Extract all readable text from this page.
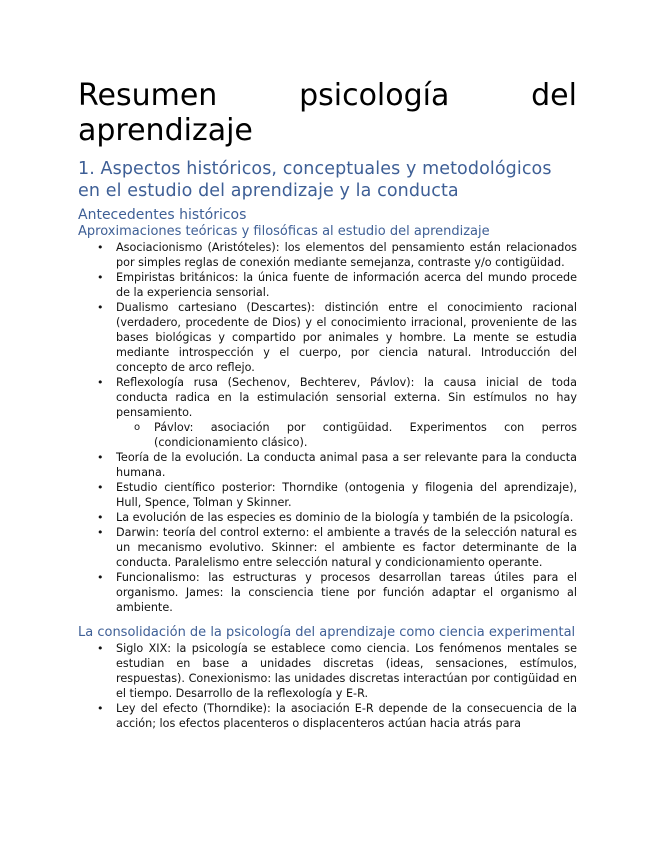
Resumen	psicología	del
aprendizaje
1. Aspectos históricos, conceptuales y metodológicos en el estudio del aprendizaje y la conducta
Antecedentes históricos
Aproximaciones teóricas y filosóficas al estudio del aprendizaje
• Asociacionismo (Aristóteles): los elementos del pensamiento están relacionados por simples reglas de conexión mediante semejanza, contraste y/o contigüidad.
• Empiristas británicos: la única fuente de información acerca del mundo procede de la experiencia sensorial.
• Dualismo cartesiano (Descartes): distinción entre el conocimiento racional (verdadero, procedente de Dios) y el conocimiento irracional, proveniente de las bases biológicas y compartido por animales y hombre. La mente se estudia mediante introspección y el cuerpo, por ciencia natural. Introducción del concepto de arco reflejo.
• Reflexología rusa (Sechenov, Bechterev, Pávlov): la causa inicial de toda conducta radica en la estimulación sensorial externa. Sin estímulos no hay pensamiento.
o Pávlov: asociación por contigüidad. Experimentos con perros (condicionamiento clásico).
• Teoría de la evolución. La conducta animal pasa a ser relevante para la conducta humana.
• Estudio científico posterior: Thorndike (ontogenia y filogenia del aprendizaje), Hull, Spence, Tolman y Skinner.
• La evolución de las especies es dominio de la biología y también de la psicología.
• Darwin: teoría del control externo: el ambiente a través de la selección natural es un mecanismo evolutivo. Skinner: el ambiente es factor determinante de la conducta. Paralelismo entre selección natural y condicionamiento operante.
• Funcionalismo: las estructuras y procesos desarrollan tareas útiles para el organismo. James: la consciencia tiene por función adaptar el organismo al ambiente.
La consolidación de la psicología del aprendizaje como ciencia experimental
• Siglo XIX: la psicología se establece como ciencia. Los fenómenos mentales se estudian en base a unidades discretas (ideas, sensaciones, estímulos, respuestas). Conexionismo: las unidades discretas interactúan por contigüidad en el tiempo. Desarrollo de la reflexología y E-R.
• Ley del efecto (Thorndike): la asociación E-R depende de la consecuencia de la acción; los efectos placenteros o displacenteros actúan hacia atrás para
